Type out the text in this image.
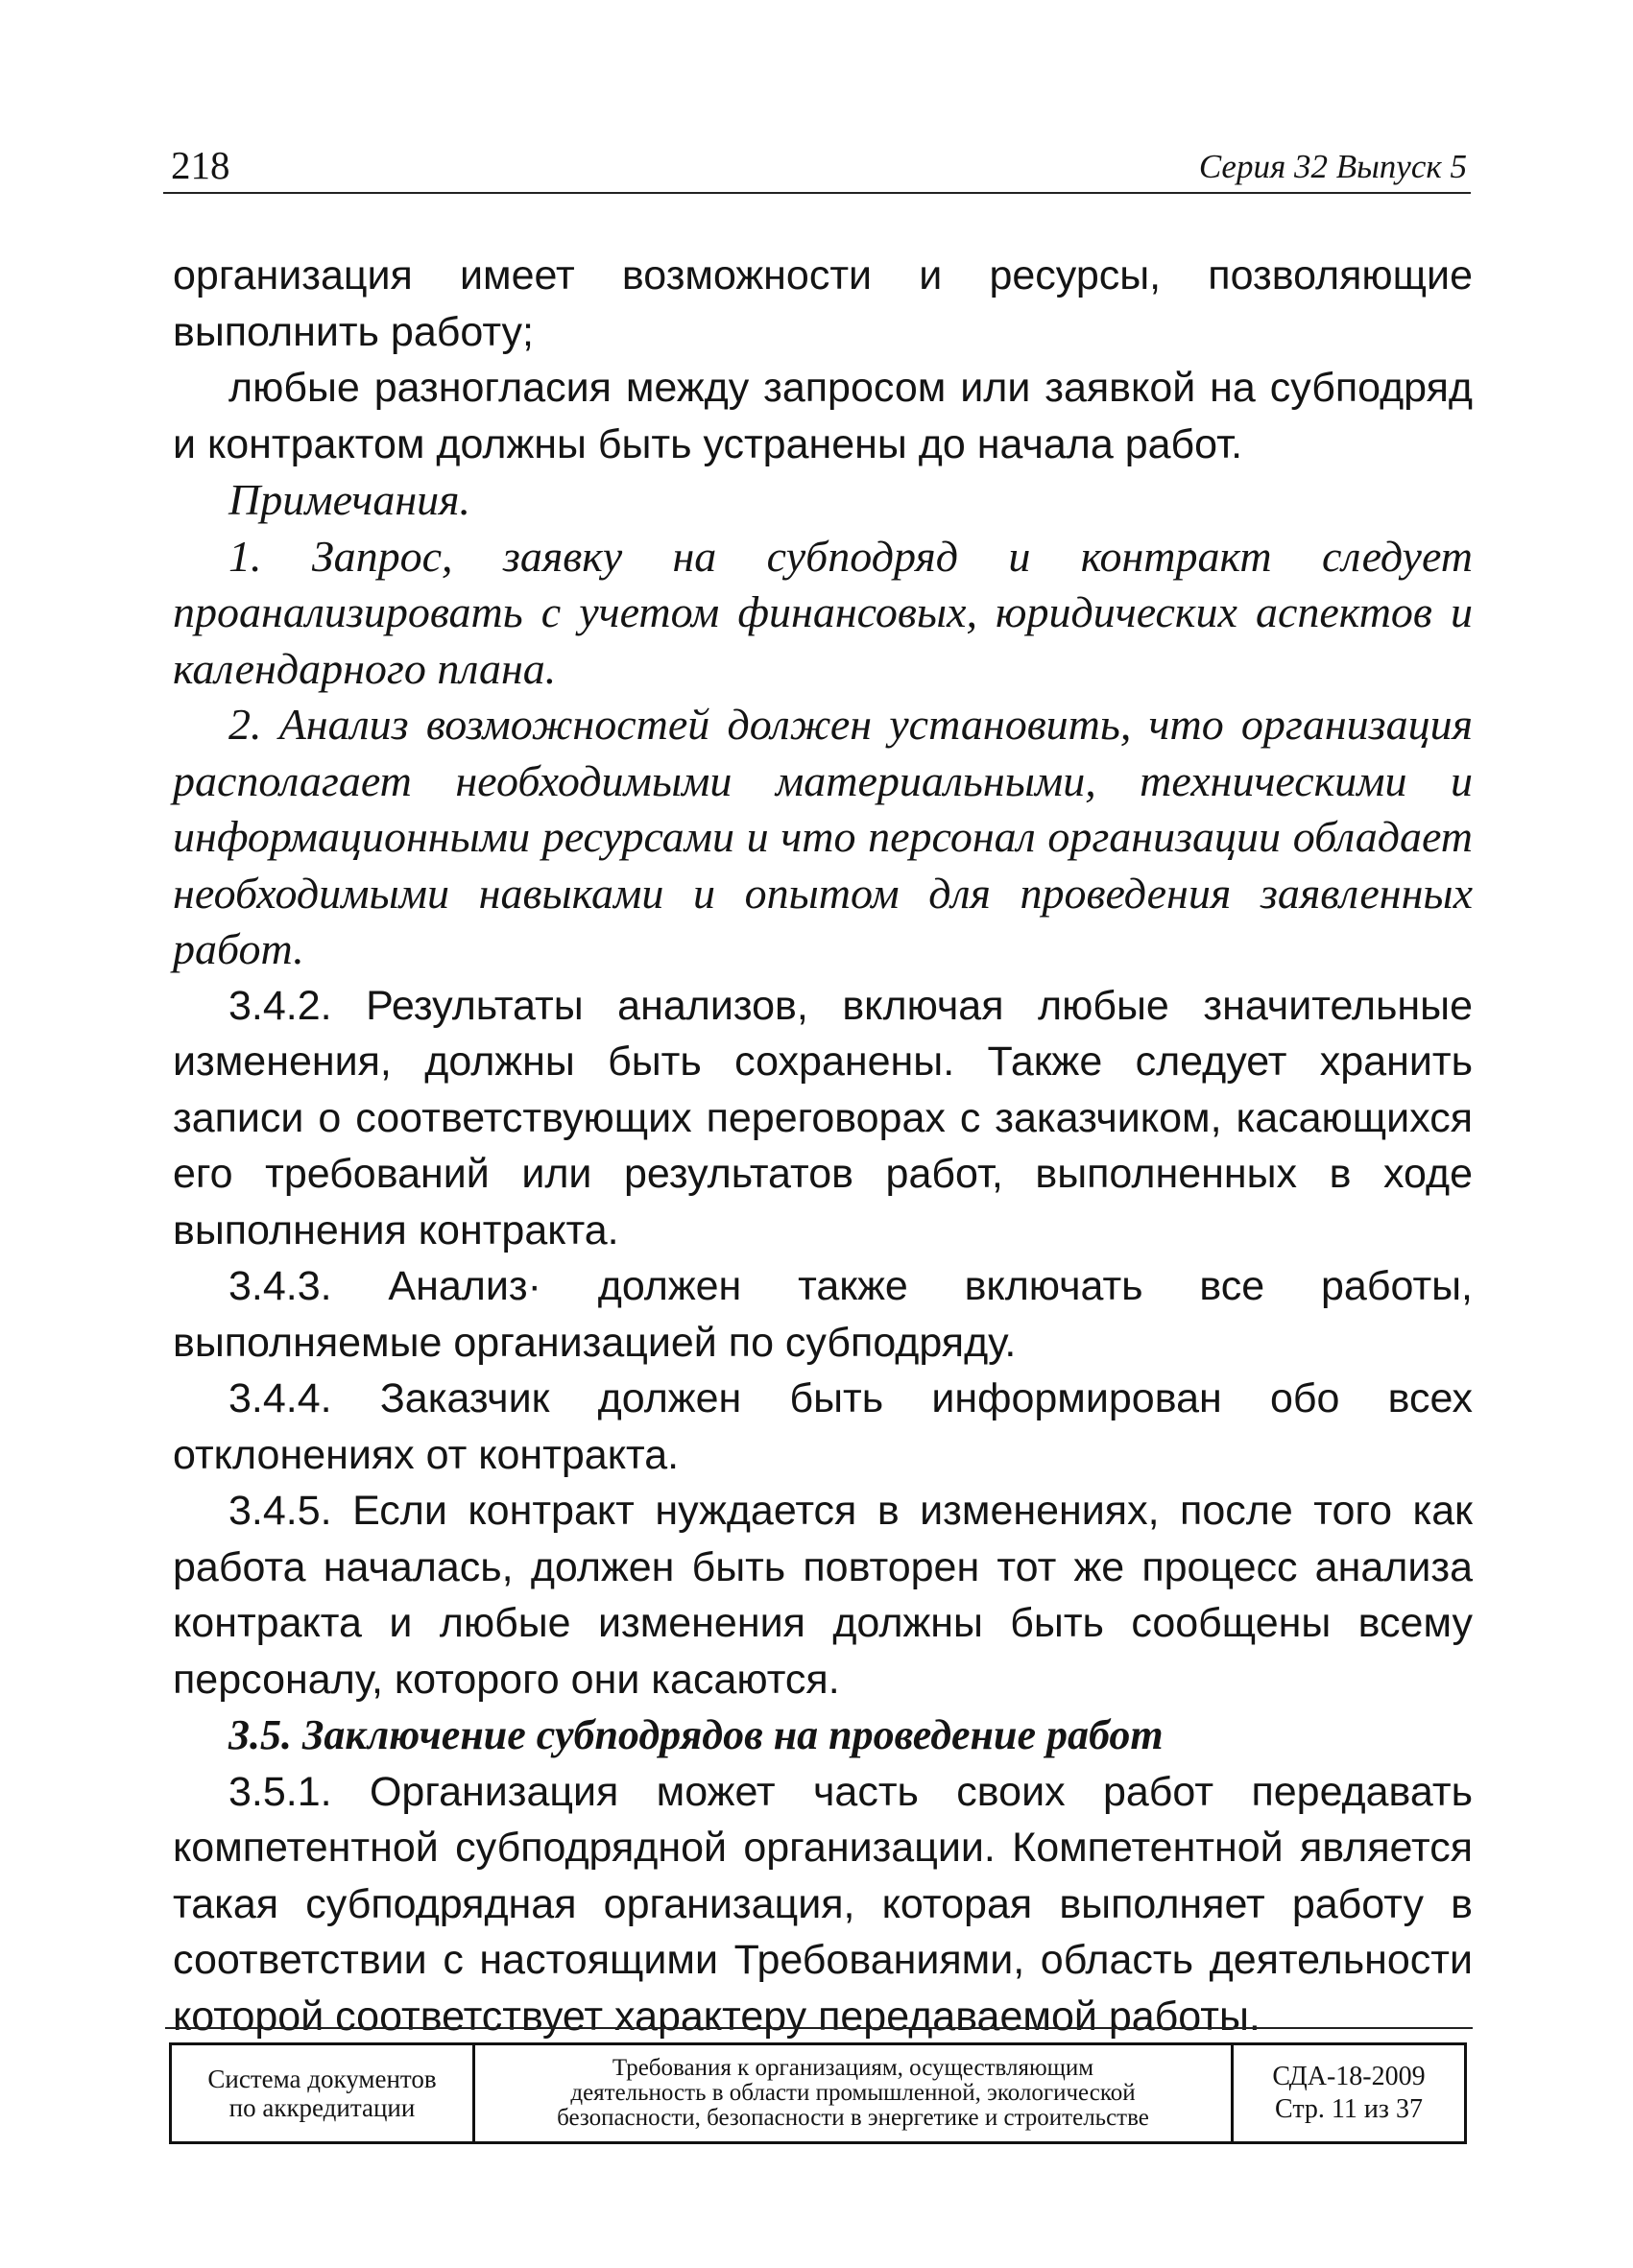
218	Серия 32 Выпуск 5

организация имеет возможности и ресурсы, позволяющие выполнить работу;

любые разногласия между запросом или заявкой на субподряд и контрактом должны быть устранены до начала работ.

Примечания.

1. Запрос, заявку на субподряд и контракт следует проанализировать с учетом финансовых, юридических аспектов и календарного плана.

2. Анализ возможностей должен установить, что организация располагает необходимыми материальными, техническими и информационными ресурсами и что персонал организации обладает необходимыми навыками и опытом для проведения заявленных работ.

3.4.2. Результаты анализов, включая любые значительные изменения, должны быть сохранены. Также следует хранить записи о соответствующих переговорах с заказчиком, касающихся его требований или результатов работ, выполненных в ходе выполнения контракта.

3.4.3. Анализ· должен также включать все работы, выполняемые организацией по субподряду.

3.4.4. Заказчик должен быть информирован обо всех отклонениях от контракта.

3.4.5. Если контракт нуждается в изменениях, после того как работа началась, должен быть повторен тот же процесс анализа контракта и любые изменения должны быть сообщены всему персоналу, которого они касаются.

3.5. Заключение субподрядов на проведение работ

3.5.1. Организация может часть своих работ передавать компетентной субподрядной организации. Компетентной является такая субподрядная организация, которая выполняет работу в соответствии с настоящими Требованиями, область деятельности которой соответствует характеру передаваемой работы.

Система документов
по аккредитации
Требования к организациям, осуществляющим
деятельность в области промышленной, экологической
безопасности, безопасности в энергетике и строительстве
СДА-18-2009
Стр. 11 из 37
